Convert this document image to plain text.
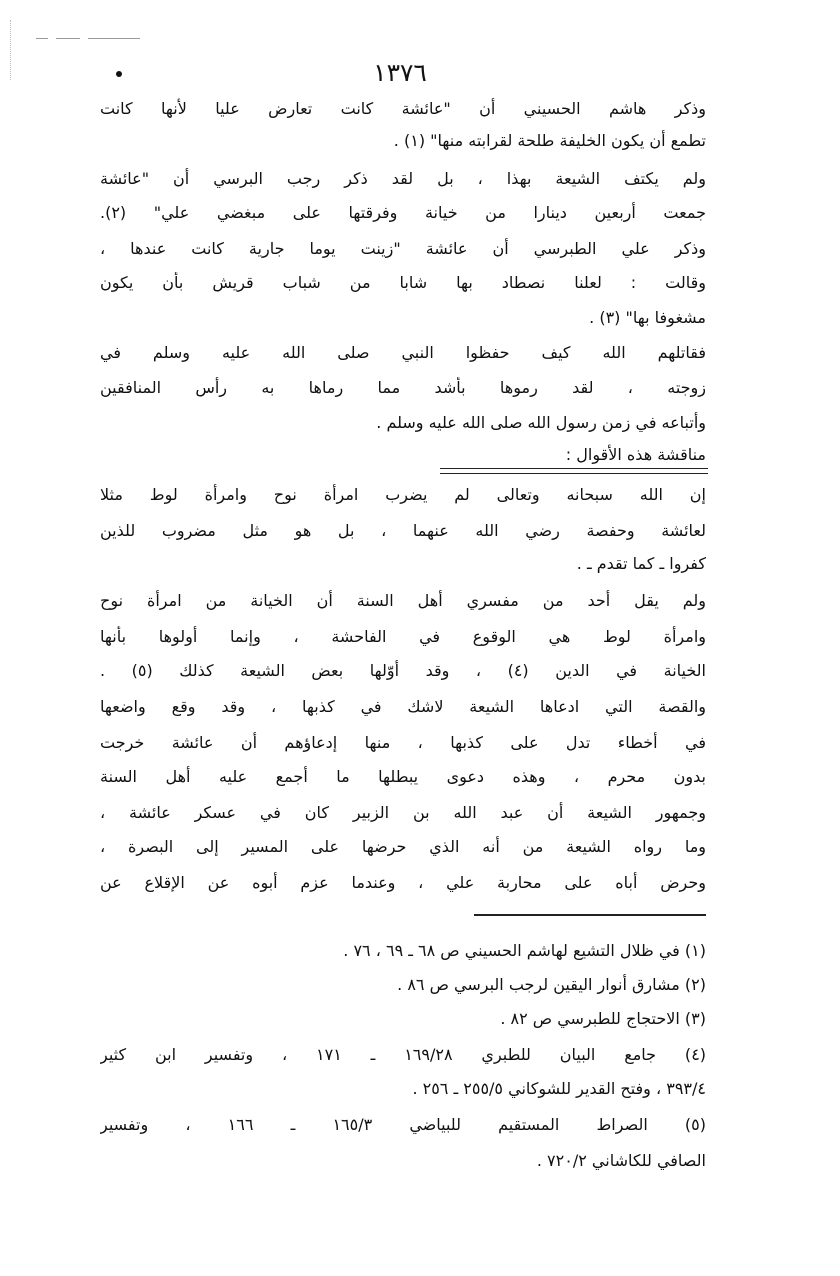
١٣٧٦
وذكر هاشم الحسيني أن "عائشة كانت تعارض عليا لأنها كانت
تطمع أن يكون الخليفة طلحة لقرابته منها" (١) .
ولم يكتف الشيعة بهذا ، بل لقد ذكر رجب البرسي أن "عائشة
جمعت أربعين دينارا من خيانة وفرقتها على مبغضي علي" (٢).
وذكر علي الطبرسي أن عائشة "زينت يوما جارية كانت عندها ،
وقالت : لعلنا نصطاد بها شابا من شباب قريش بأن يكون
مشغوفا بها" (٣) .
فقاتلهم الله كيف حفظوا النبي صلى الله عليه وسلم في
زوجته ، لقد رموها بأشد مما رماها به رأس المنافقين
وأتباعه في زمن رسول الله صلى الله عليه وسلم .
مناقشة هذه الأقوال :
إن الله سبحانه وتعالى لم يضرب امرأة نوح وامرأة لوط مثلا
لعائشة وحفصة رضي الله عنهما ، بل هو مثل مضروب للذين
كفروا ـ كما تقدم ـ .
ولم يقل أحد من مفسري أهل السنة أن الخيانة من امرأة نوح
وامرأة لوط هي الوقوع في الفاحشة ، وإنما أولوها بأنها
الخيانة في الدين (٤) ، وقد أوّلها بعض الشيعة كذلك (٥) .
والقصة التي ادعاها الشيعة لاشك في كذبها ، وقد وقع واضعها
في أخطاء تدل على كذبها ، منها إدعاؤهم أن عائشة خرجت
بدون محرم ، وهذه دعوى يبطلها ما أجمع عليه أهل السنة
وجمهور الشيعة أن عبد الله بن الزبير كان في عسكر عائشة ،
وما رواه الشيعة من أنه الذي حرضها على المسير إلى البصرة ،
وحرض أباه على محاربة علي ، وعندما عزم أبوه عن الإقلاع عن
(١) في ظلال التشيع لهاشم الحسيني ص ٦٨ ـ ٦٩ ، ٧٦ .
(٢) مشارق أنوار اليقين لرجب البرسي ص ٨٦ .
(٣) الاحتجاج للطبرسي ص ٨٢ .
(٤) جامع البيان للطبري ١٦٩/٢٨ ـ ١٧١ ، وتفسير ابن كثير
٣٩٣/٤ ، وفتح القدير للشوكاني ٢٥٥/٥ ـ ٢٥٦ .
(٥) الصراط المستقيم للبياضي ١٦٥/٣ ـ ١٦٦ ، وتفسير
الصافي للكاشاني ٧٢٠/٢ .
